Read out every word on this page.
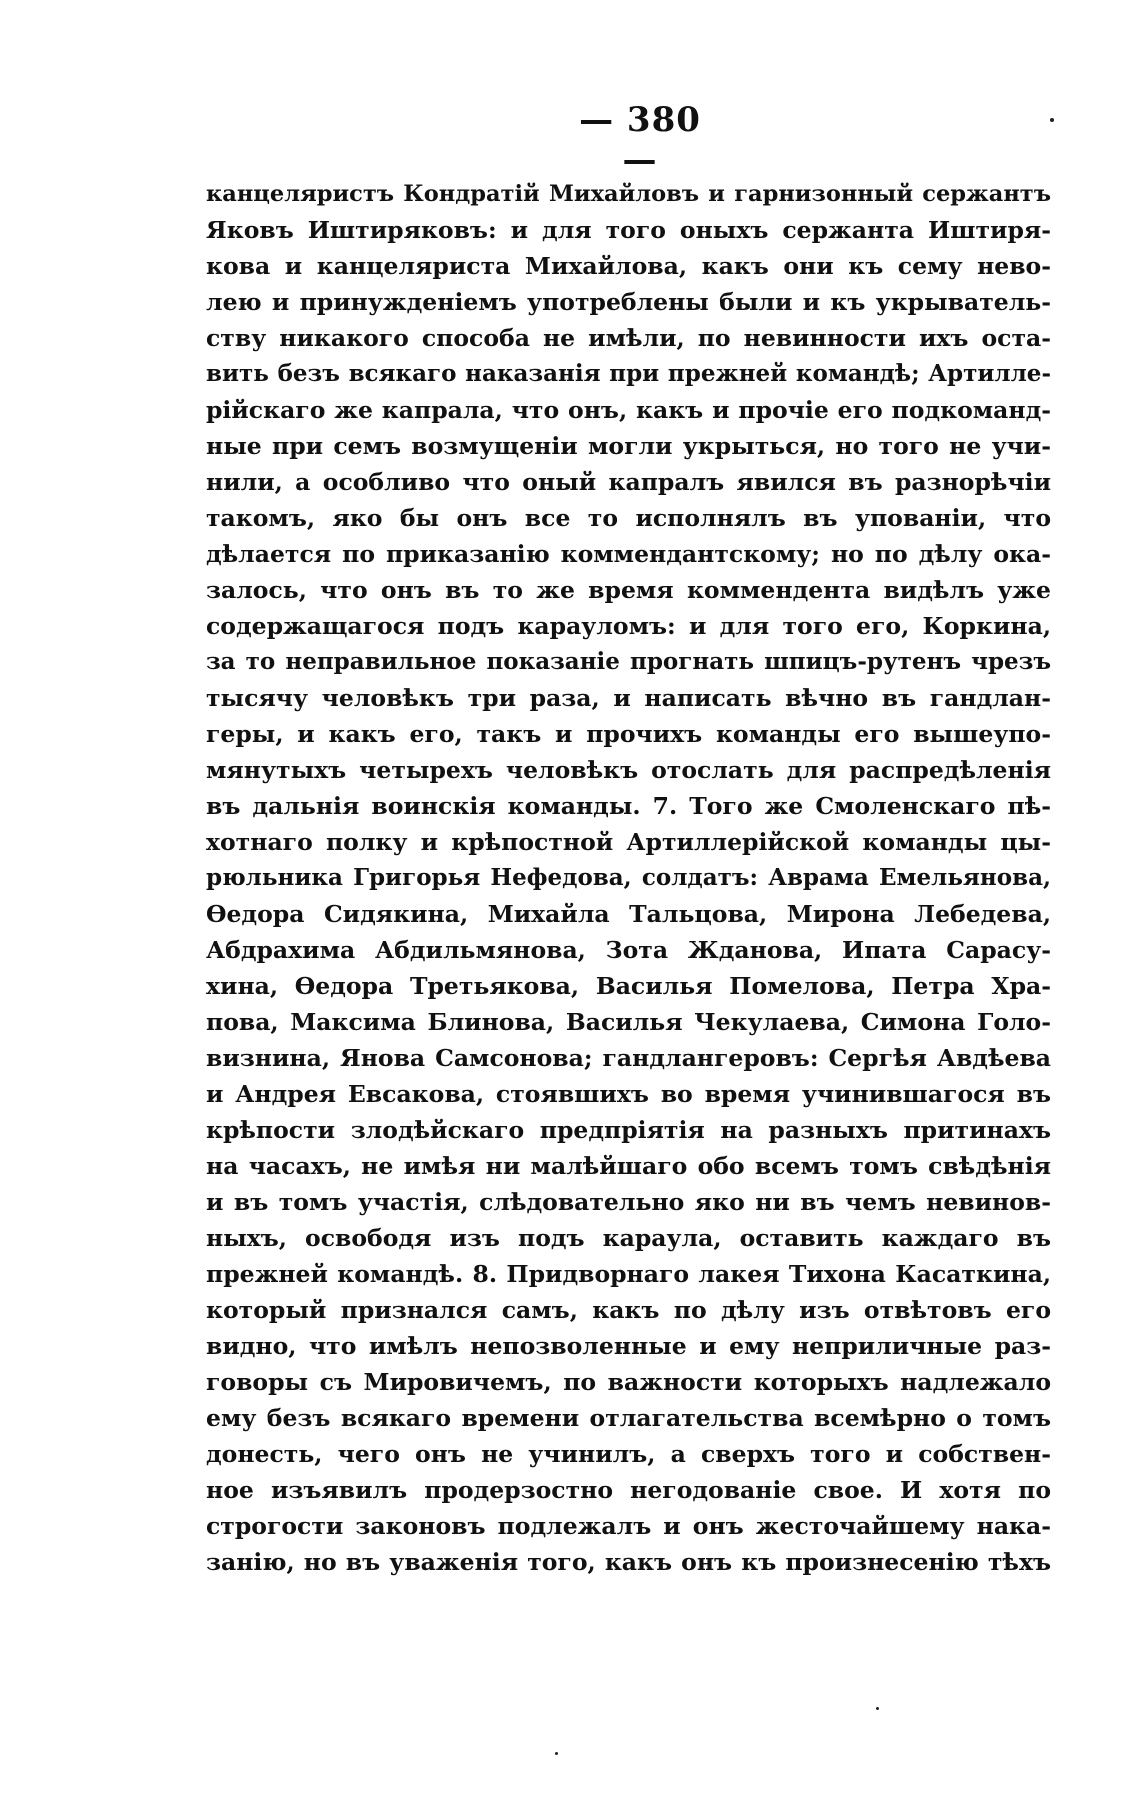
— 380 —
канцеляристъ Кондратій Михайловъ и гарнизонный сержантъ
Яковъ Иштиряковъ: и для того оныхъ сержанта Иштиря-
кова и канцеляриста Михайлова, какъ они къ сему нево-
лею и принужденіемъ употреблены были и къ укрыватель-
ству никакого способа не имѣли, по невинности ихъ оста-
вить безъ всякаго наказанія при прежней командѣ; Артилле-
рійскаго же капрала, что онъ, какъ и прочіе его подкоманд-
ные при семъ возмущеніи могли укрыться, но того не учи-
нили, а особливо что оный капралъ явился въ разнорѣчіи
такомъ, яко бы онъ все то исполнялъ въ упованіи, что
дѣлается по приказанію коммендантскому; но по дѣлу ока-
залось, что онъ въ то же время коммендента видѣлъ уже
содержащагося подъ карауломъ: и для того его, Коркина,
за то неправильное показаніе прогнать шпицъ-рутенъ чрезъ
тысячу человѣкъ три раза, и написать вѣчно въ гандлан-
геры, и какъ его, такъ и прочихъ команды его вышеупо-
мянутыхъ четырехъ человѣкъ отослать для распредѣленія
въ дальнія воинскія команды. 7. Того же Смоленскаго пѣ-
хотнаго полку и крѣпостной Артиллерійской команды цы-
рюльника Григорья Нефедова, солдатъ: Аврама Емельянова,
Өедора Сидякина, Михайла Тальцова, Мирона Лебедева,
Абдрахима Абдильмянова, Зота Жданова, Ипата Сарасу-
хина, Өедора Третьякова, Василья Помелова, Петра Хра-
пова, Максима Блинова, Василья Чекулаева, Симона Голо-
визнина, Янова Самсонова; гандлангеровъ: Сергѣя Авдѣева
и Андрея Евсакова, стоявшихъ во время учинившагося въ
крѣпости злодѣйскаго предпріятія на разныхъ притинахъ
на часахъ, не имѣя ни малѣйшаго обо всемъ томъ свѣдѣнія
и въ томъ участія, слѣдовательно яко ни въ чемъ невинов-
ныхъ, освободя изъ подъ караула, оставить каждаго въ
прежней командѣ. 8. Придворнаго лакея Тихона Касаткина,
который признался самъ, какъ по дѣлу изъ отвѣтовъ его
видно, что имѣлъ непозволенные и ему неприличные раз-
говоры съ Мировичемъ, по важности которыхъ надлежало
ему безъ всякаго времени отлагательства всемѣрно о томъ
донесть, чего онъ не учинилъ, а сверхъ того и собствен-
ное изъявилъ продерзостно негодованіе свое. И хотя по
строгости законовъ подлежалъ и онъ жесточайшему нака-
занію, но въ уваженія того, какъ онъ къ произнесенію тѣхъ
